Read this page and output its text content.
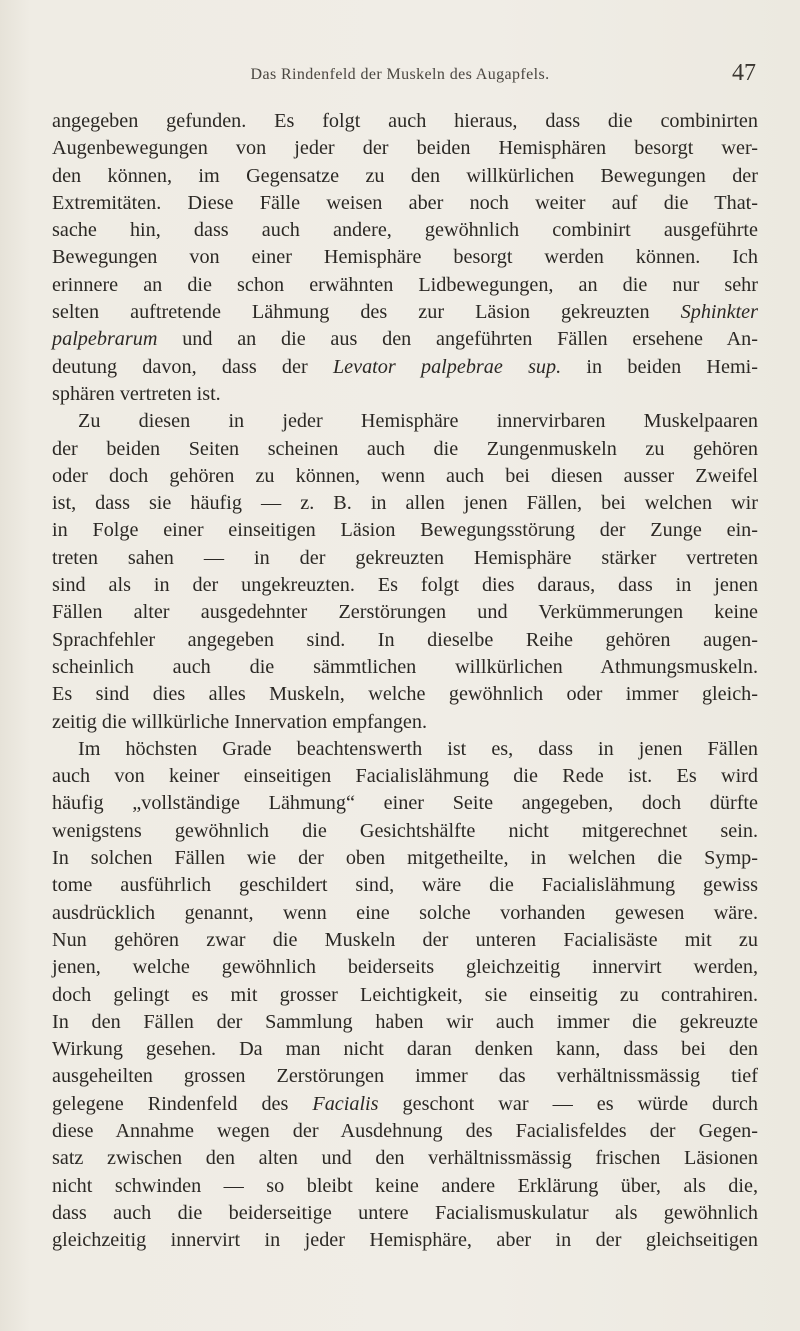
Das Rindenfeld der Muskeln des Augapfels.	47
angegeben gefunden. Es folgt auch hieraus, dass die combinirten
Augenbewegungen von jeder der beiden Hemisphären besorgt wer-
den können, im Gegensatze zu den willkürlichen Bewegungen der
Extremitäten. Diese Fälle weisen aber noch weiter auf die That-
sache hin, dass auch andere, gewöhnlich combinirt ausgeführte
Bewegungen von einer Hemisphäre besorgt werden können. Ich
erinnere an die schon erwähnten Lidbewegungen, an die nur sehr
selten auftretende Lähmung des zur Läsion gekreuzten Sphinkter
palpebrarum und an die aus den angeführten Fällen ersehene An-
deutung davon, dass der Levator palpebrae sup. in beiden Hemi-
sphären vertreten ist.
Zu diesen in jeder Hemisphäre innervirbaren Muskelpaaren
der beiden Seiten scheinen auch die Zungenmuskeln zu gehören
oder doch gehören zu können, wenn auch bei diesen ausser Zweifel
ist, dass sie häufig — z. B. in allen jenen Fällen, bei welchen wir
in Folge einer einseitigen Läsion Bewegungsstörung der Zunge ein-
treten sahen — in der gekreuzten Hemisphäre stärker vertreten
sind als in der ungekreuzten. Es folgt dies daraus, dass in jenen
Fällen alter ausgedehnter Zerstörungen und Verkümmerungen keine
Sprachfehler angegeben sind. In dieselbe Reihe gehören augen-
scheinlich auch die sämmtlichen willkürlichen Athmungsmuskeln.
Es sind dies alles Muskeln, welche gewöhnlich oder immer gleich-
zeitig die willkürliche Innervation empfangen.
Im höchsten Grade beachtenswerth ist es, dass in jenen Fällen
auch von keiner einseitigen Facialislähmung die Rede ist. Es wird
häufig „vollständige Lähmung“ einer Seite angegeben, doch dürfte
wenigstens gewöhnlich die Gesichtshälfte nicht mitgerechnet sein.
In solchen Fällen wie der oben mitgetheilte, in welchen die Symp-
tome ausführlich geschildert sind, wäre die Facialislähmung gewiss
ausdrücklich genannt, wenn eine solche vorhanden gewesen wäre.
Nun gehören zwar die Muskeln der unteren Facialisäste mit zu
jenen, welche gewöhnlich beiderseits gleichzeitig innervirt werden,
doch gelingt es mit grosser Leichtigkeit, sie einseitig zu contrahiren.
In den Fällen der Sammlung haben wir auch immer die gekreuzte
Wirkung gesehen. Da man nicht daran denken kann, dass bei den
ausgeheilten grossen Zerstörungen immer das verhältnissmässig tief
gelegene Rindenfeld des Facialis geschont war — es würde durch
diese Annahme wegen der Ausdehnung des Facialisfeldes der Gegen-
satz zwischen den alten und den verhältnissmässig frischen Läsionen
nicht schwinden — so bleibt keine andere Erklärung über, als die,
dass auch die beiderseitige untere Facialismuskulatur als gewöhnlich
gleichzeitig innervirt in jeder Hemisphäre, aber in der gleichseitigen
